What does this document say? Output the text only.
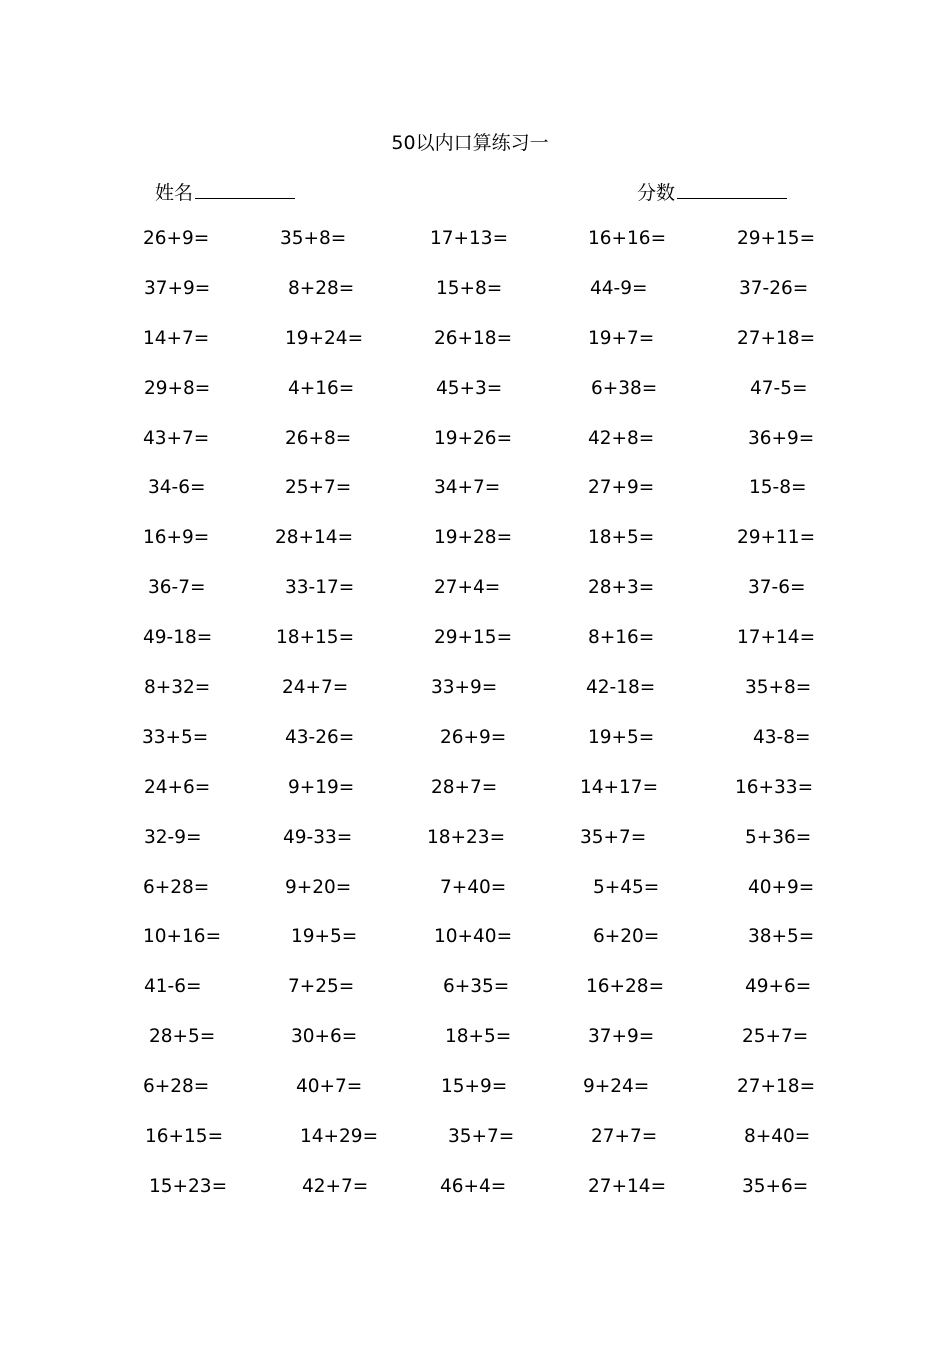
50以内口算练习一
姓名	分数
26+9=	35+8=	17+13=	16+16=	29+15=
37+9=	8+28=	15+8=	44-9=	37-26=
14+7=	19+24=	26+18=	19+7=	27+18=
29+8=	4+16=	45+3=	6+38=	47-5=
43+7=	26+8=	19+26=	42+8=	36+9=
34-6=	25+7=	34+7=	27+9=	15-8=
16+9=	28+14=	19+28=	18+5=	29+11=
36-7=	33-17=	27+4=	28+3=	37-6=
49-18=	18+15=	29+15=	8+16=	17+14=
8+32=	24+7=	33+9=	42-18=	35+8=
33+5=	43-26=	26+9=	19+5=	43-8=
24+6=	9+19=	28+7=	14+17=	16+33=
32-9=	49-33=	18+23=	35+7=	5+36=
6+28=	9+20=	7+40=	5+45=	40+9=
10+16=	19+5=	10+40=	6+20=	38+5=
41-6=	7+25=	6+35=	16+28=	49+6=
28+5=	30+6=	18+5=	37+9=	25+7=
6+28=	40+7=	15+9=	9+24=	27+18=
16+15=	14+29=	35+7=	27+7=	8+40=
15+23=	42+7=	46+4=	27+14=	35+6=
